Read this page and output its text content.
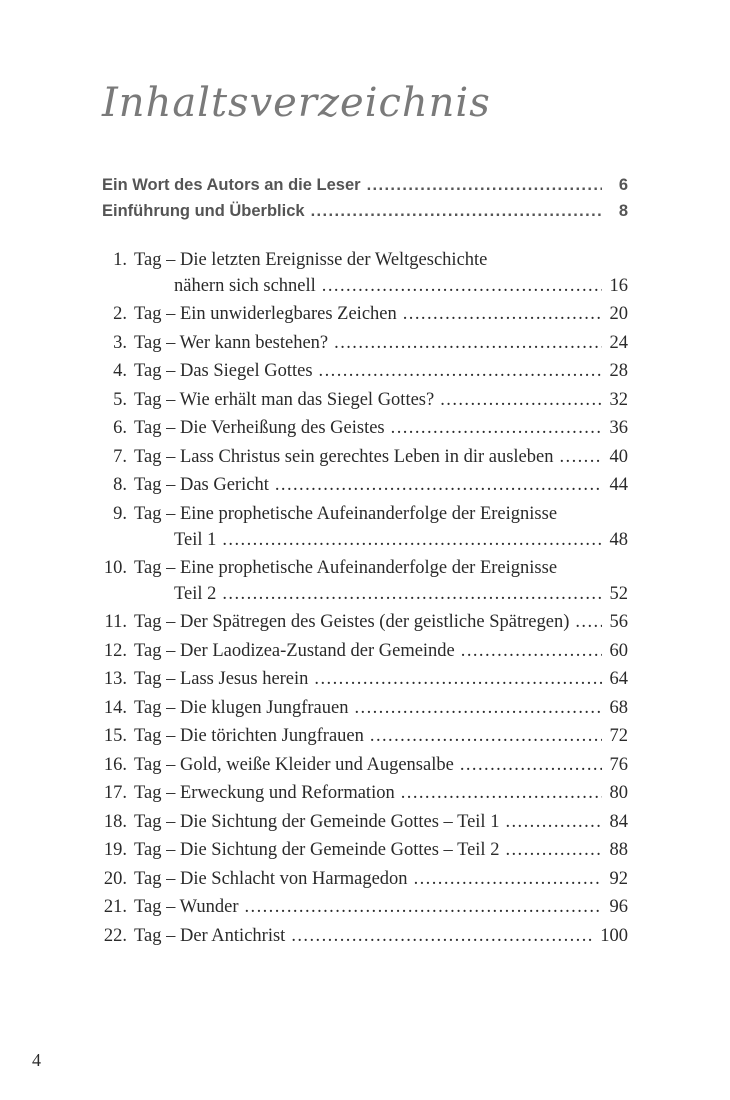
Inhaltsverzeichnis
Ein Wort des Autors an die Leser . . .	6
Einführung und Überblick . . .	8
1. Tag – Die letzten Ereignisse der Weltgeschichte
nähern sich schnell . . .	16
2. Tag – Ein unwiderlegbares Zeichen . . .	20
3. Tag – Wer kann bestehen? . . .	24
4. Tag – Das Siegel Gottes . . .	28
5. Tag – Wie erhält man das Siegel Gottes? . . .	32
6. Tag – Die Verheißung des Geistes . . .	36
7. Tag – Lass Christus sein gerechtes Leben in dir ausleben . . .	40
8. Tag – Das Gericht . . .	44
9. Tag – Eine prophetische Aufeinanderfolge der Ereignisse
Teil 1 . . .	48
10. Tag – Eine prophetische Aufeinanderfolge der Ereignisse
Teil 2 . . .	52
11. Tag – Der Spätregen des Geistes (der geistliche Spätregen) . . . 56
12. Tag – Der Laodizea-Zustand der Gemeinde . . .	60
13. Tag – Lass Jesus herein . . .	64
14. Tag – Die klugen Jungfrauen . . .	68
15. Tag – Die törichten Jungfrauen . . .	72
16. Tag – Gold, weiße Kleider und Augensalbe . . .	76
17. Tag – Erweckung und Reformation . . .	80
18. Tag – Die Sichtung der Gemeinde Gottes – Teil 1 . . .	84
19. Tag – Die Sichtung der Gemeinde Gottes – Teil 2 . . .	88
20. Tag – Die Schlacht von Harmagedon . . .	92
21. Tag – Wunder . . .	96
22. Tag – Der Antichrist . . .	100

4
